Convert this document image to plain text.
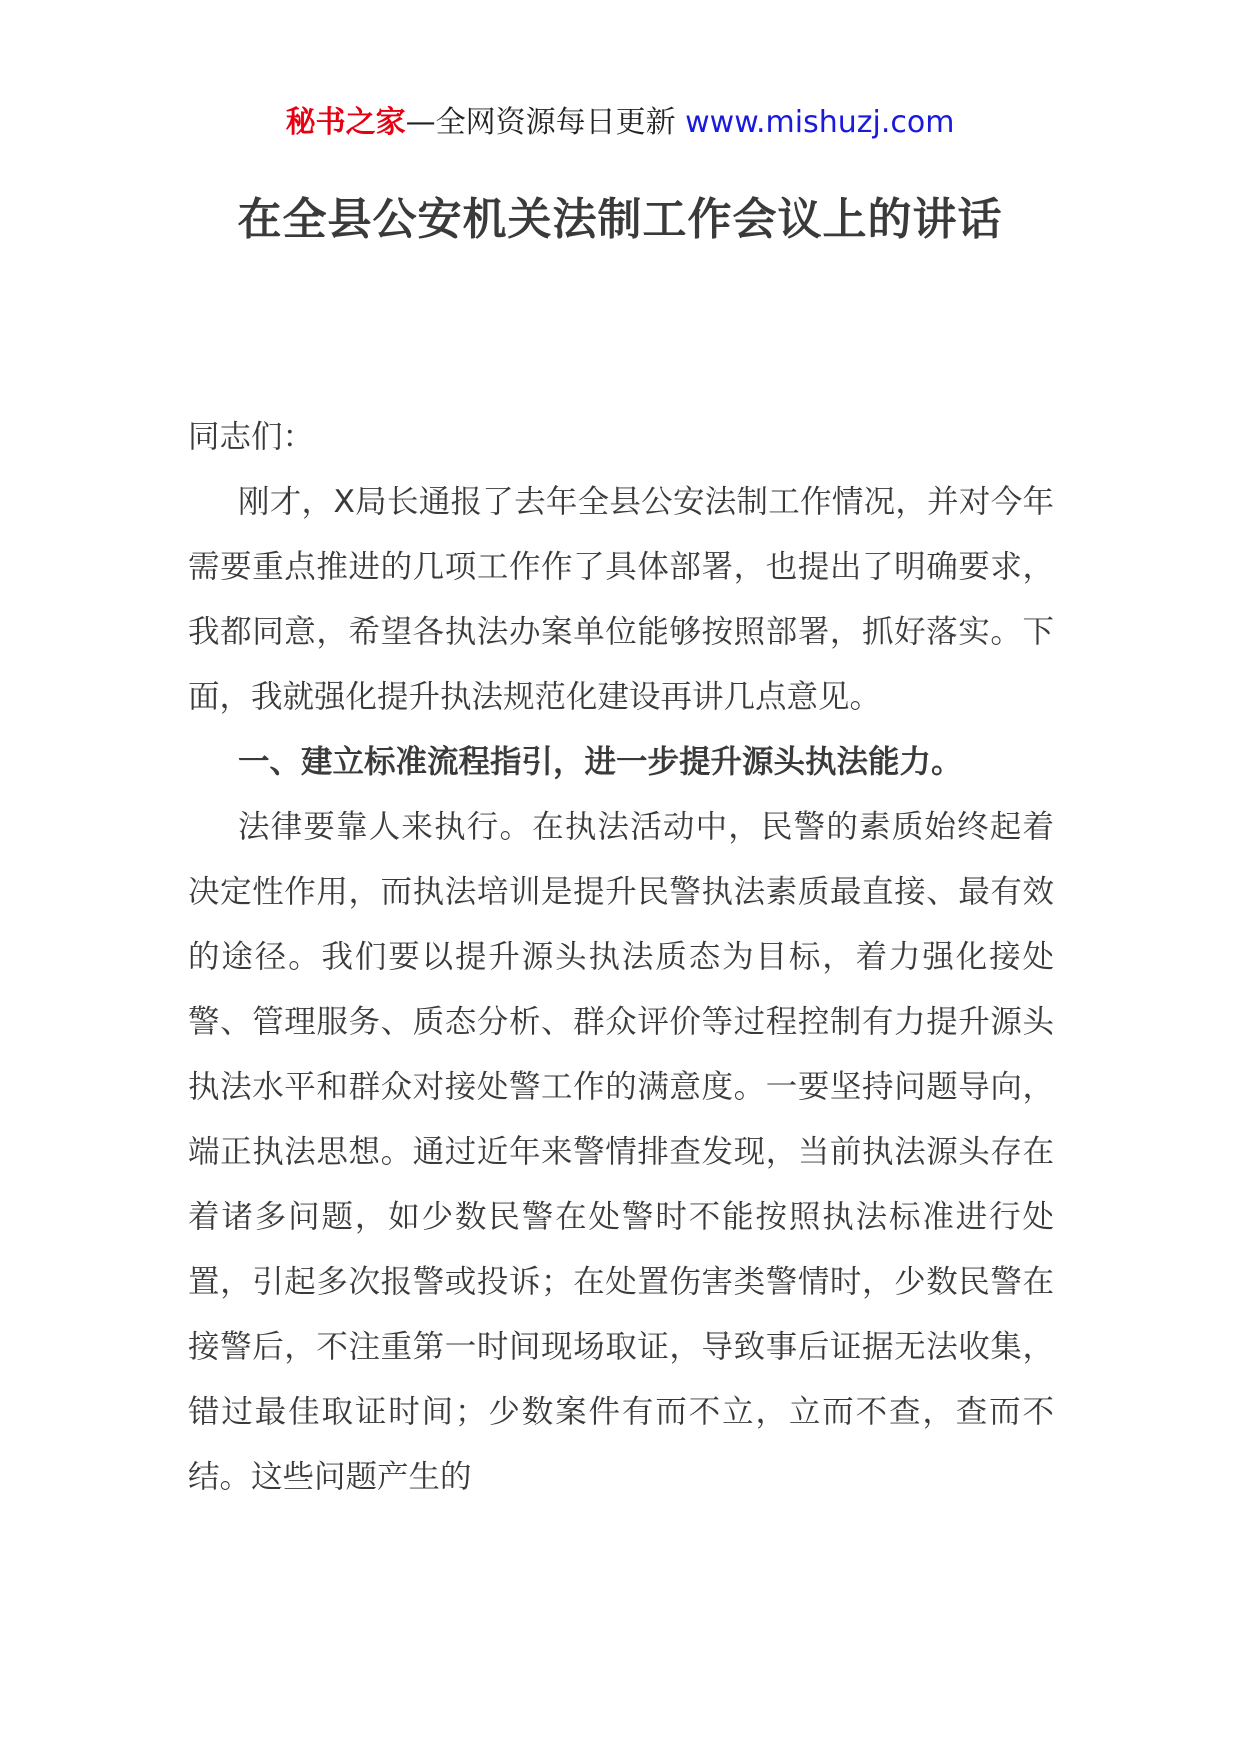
秘书之家—全网资源每日更新 www.mishuzj.com
在全县公安机关法制工作会议上的讲话

同志们：

刚才，X局长通报了去年全县公安法制工作情况，并对今年需要重点推进的几项工作作了具体部署，也提出了明确要求，我都同意，希望各执法办案单位能够按照部署，抓好落实。下面，我就强化提升执法规范化建设再讲几点意见。

一、建立标准流程指引，进一步提升源头执法能力。

法律要靠人来执行。在执法活动中，民警的素质始终起着决定性作用，而执法培训是提升民警执法素质最直接、最有效的途径。我们要以提升源头执法质态为目标，着力强化接处警、管理服务、质态分析、群众评价等过程控制有力提升源头执法水平和群众对接处警工作的满意度。一要坚持问题导向，端正执法思想。通过近年来警情排查发现，当前执法源头存在着诸多问题，如少数民警在处警时不能按照执法标准进行处置，引起多次报警或投诉；在处置伤害类警情时，少数民警在接警后，不注重第一时间现场取证，导致事后证据无法收集，错过最佳取证时间；少数案件有而不立，立而不查，查而不结。这些问题产生的
